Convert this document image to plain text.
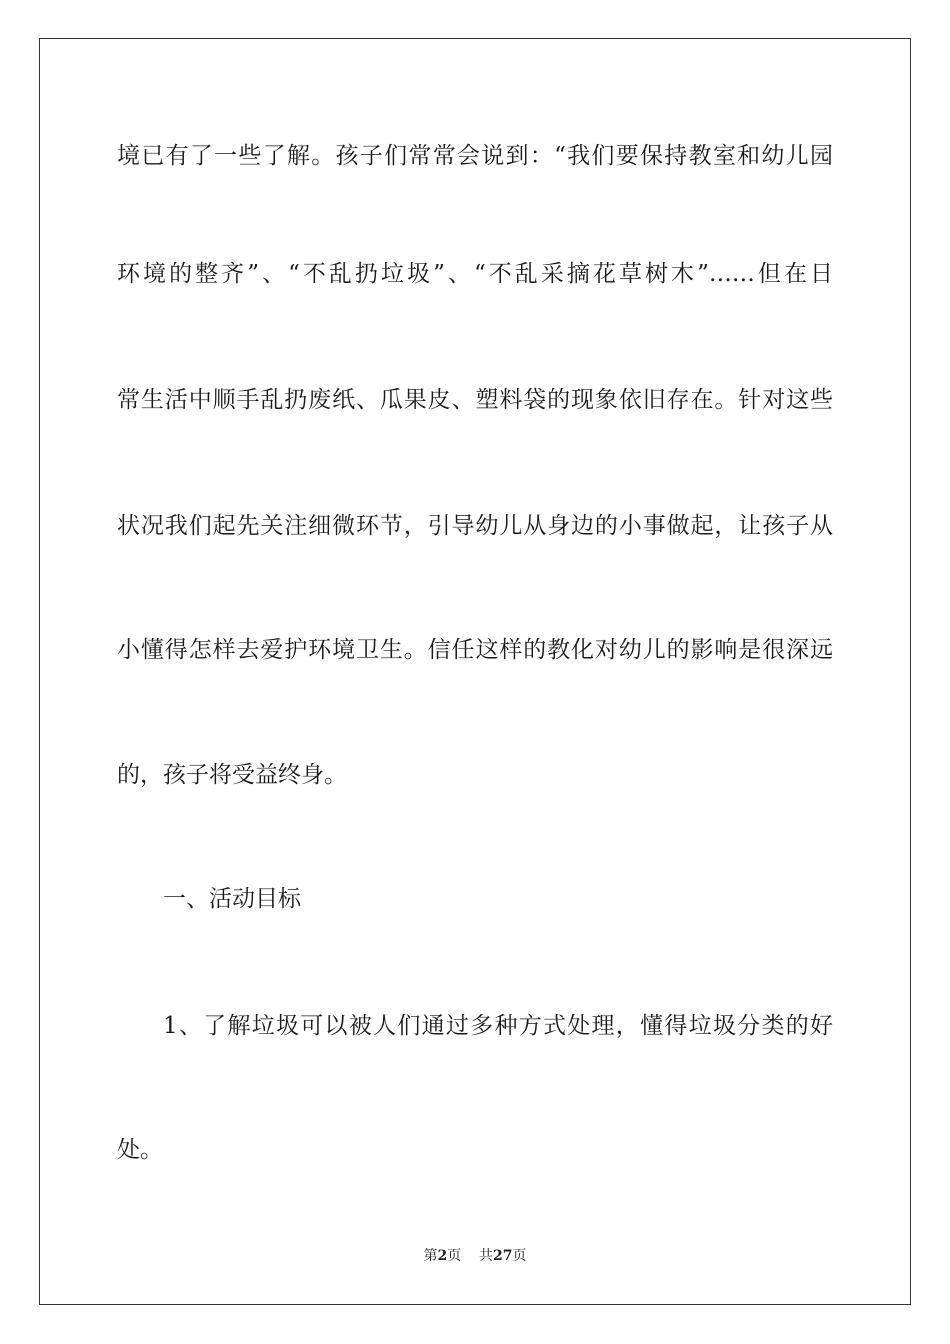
境已有了一些了解。孩子们常常会说到：“我们要保持教室和幼儿园
环境的整齐”、“不乱扔垃圾”、“不乱采摘花草树木”……但在日
常生活中顺手乱扔废纸、瓜果皮、塑料袋的现象依旧存在。针对这些
状况我们起先关注细微环节，引导幼儿从身边的小事做起，让孩子从
小懂得怎样去爱护环境卫生。信任这样的教化对幼儿的影响是很深远
的，孩子将受益终身。
一、活动目标
1、了解垃圾可以被人们通过多种方式处理，懂得垃圾分类的好
处。
第2页 共27页
